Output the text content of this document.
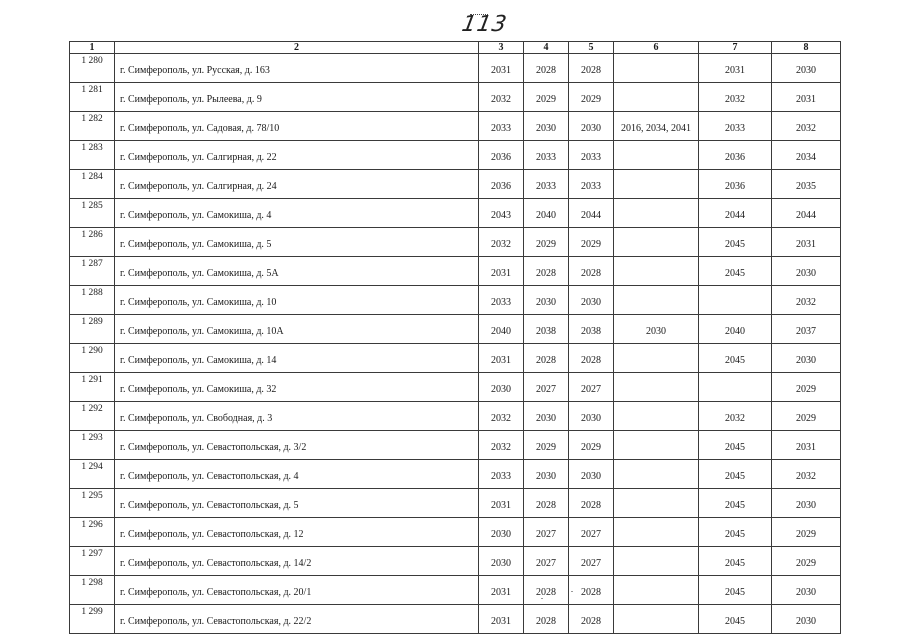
113
1	2	3	4	5	6	7	8
1 280	г. Симферополь, ул. Русская, д. 163	2031	2028	2028		2031	2030
1 281	г. Симферополь, ул. Рылеева, д. 9	2032	2029	2029		2032	2031
1 282	г. Симферополь, ул. Садовая, д. 78/10	2033	2030	2030	2016, 2034, 2041	2033	2032
1 283	г. Симферополь, ул. Салгирная, д. 22	2036	2033	2033		2036	2034
1 284	г. Симферополь, ул. Салгирная, д. 24	2036	2033	2033		2036	2035
1 285	г. Симферополь, ул. Самокиша, д. 4	2043	2040	2044		2044	2044
1 286	г. Симферополь, ул. Самокиша, д. 5	2032	2029	2029		2045	2031
1 287	г. Симферополь, ул. Самокиша, д. 5А	2031	2028	2028		2045	2030
1 288	г. Симферополь, ул. Самокиша, д. 10	2033	2030	2030			2032
1 289	г. Симферополь, ул. Самокиша, д. 10А	2040	2038	2038	2030	2040	2037
1 290	г. Симферополь, ул. Самокиша, д. 14	2031	2028	2028		2045	2030
1 291	г. Симферополь, ул. Самокиша, д. 32	2030	2027	2027			2029
1 292	г. Симферополь, ул. Свободная, д. 3	2032	2030	2030		2032	2029
1 293	г. Симферополь, ул. Севастопольская, д. 3/2	2032	2029	2029		2045	2031
1 294	г. Симферополь, ул. Севастопольская, д. 4	2033	2030	2030		2045	2032
1 295	г. Симферополь, ул. Севастопольская, д. 5	2031	2028	2028		2045	2030
1 296	г. Симферополь, ул. Севастопольская, д. 12	2030	2027	2027		2045	2029
1 297	г. Симферополь, ул. Севастопольская, д. 14/2	2030	2027	2027		2045	2029
1 298	г. Симферополь, ул. Севастопольская, д. 20/1	2031	2028	2028		2045	2030
1 299	г. Симферополь, ул. Севастопольская, д. 22/2	2031	2028	2028		2045	2030
